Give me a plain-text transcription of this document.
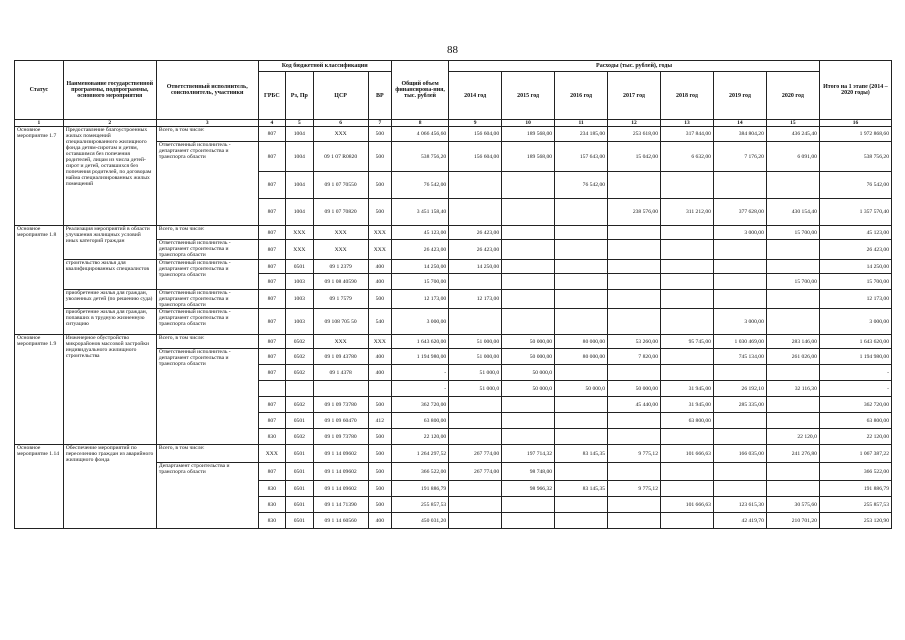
88
Статус	Наименование государственной программы, подпрограммы, основного мероприятия	Ответственный исполнитель, соисполнитель, участники	Код бюджетной классификации				Общий объем финансирова-ния, тыс. рублей	Расходы (тыс. рублей), годы							Итого на 1 этапе (2014 – 2020 годы)
			ГРБС	Рз, Пр	ЦСР	ВР		2014 год	2015 год	2016 год	2017 год	2018 год	2019 год	2020 год	
1	2	3	4	5	6	7	8	9	10	11	12	13	14	15	16
Основное мероприятие 1.7	Предоставление благоустроенных жилых помещений специализированного жилищного фонда детям-сиротам и детям, оставшимся без попечения родителей, лицам из числа детей-сирот и детей, оставшихся без попечения родителей, по договорам найма специализированных жилых помещений	Всего, в том числе:	807	1004	ХХХ	500	4 066 456,60	156 604,00	189 568,00	234 185,00	253 618,00	317 844,00	384 804,20	436 245,40	1 972 868,60
		Ответственный исполнитель - департамент строительства и транспорта области	807	1004	09 1 07 R0820	500	538 756,20	156 604,00	189 568,00	157 643,00	15 042,00	6 632,00	7 176,20	6 091,00	538 756,20
			807	1004	09 1 07 70550	500	76 542,00			76 542,00					76 542,00
			807	1004	09 1 07 70820	500	3 451 158,40				238 576,00	311 212,00	377 628,00	430 154,40	1 357 570,40
Основное мероприятие 1.8	Реализация мероприятий в области улучшения жилищных условий иных категорий граждан	Всего, в том числе:	807	ХХХ	ХХХ	ХХХ	45 123,00	26 423,00					3 000,00	15 700,00	45 123,00
		Ответственный исполнитель - департамент строительства и транспорта области	807	ХХХ	ХХХ	ХХХ	26 423,00	26 423,00							26 423,00
	строительство жилья для квалифицированных специалистов	Ответственный исполнитель - департамент строительства и транспорта области	807	0501	09 1 2379	400	14 250,00	14 250,00							14 250,00
			807	1003	09 1 08 40590	400	15 700,00							15 700,00	15 700,00
	приобретение жилья для граждан, уволенных детей (по решению суда)	Ответственный исполнитель - департамент строительства и транспорта области	807	1003	09 1 7579	500	12 173,00	12 173,00							12 173,00
	приобретение жилья для граждан, попавших в трудную жизненную ситуацию	Ответственный исполнитель - департамент строительства и транспорта области	807	1003	09 108 705 50	540	3 000,00						3 000,00		3 000,00
Основное мероприятие 1.9	Инженерное обустройство микрорайонов массовой застройки индивидуального жилищного строительства	Всего, в том числе:	807	0502	ХХХ	ХХХ	1 643 620,00	51 000,00	50 000,00	80 000,00	53 260,00	95 745,00	1 030 469,00	283 146,00	1 643 620,00
		Ответственный исполнитель - департамент строительства и транспорта области	807	0502	09 1 09 43780	400	1 194 980,00	51 000,00	50 000,00	80 000,00	7 820,00		745 134,00	261 026,00	1 194 980,00
			807	0502	09 1 4378	400	-	51 000,0	50 000,0						-
							-	51 000,0	50 000,0	50 000,0	50 000,00	31 945,00	26 192,10	32 116,30	-
			807	0502	09 1 09 73780	500	362 720,00				45 440,00	31 945,00	285 335,00		362 720,00
			807	0501	09 1 09 60470	412	63 800,00					63 800,00			63 800,00
			830	0502	09 1 09 73780	500	22 120,00							22 120,0	22 120,00
Основное мероприятие 1.14	Обеспечение мероприятий по переселению граждан из аварийного жилищного фонда	Всего, в том числе:	ХХХ	0501	09 1 14 09602	500	1 264 297,52	267 774,00	197 714,32	83 145,35	9 775,12	101 666,63	166 035,00	241 276,80	1 067 387,22
		Департамент строительства и транспорта области	807	0501	09 1 14 09602	500	366 522,00	267 774,00	98 748,00						366 522,00
			830	0501	09 1 14 09602	500	191 886,79		98 966,32	83 145,35	9 775,12				191 886,79
			830	0501	09 1 14 71390	500	255 857,53					101 666,63	123 615,30	30 575,60	255 857,53
			830	0501	09 1 14 60560	400	450 031,20						42 419,70	210 701,20	253 120,90
